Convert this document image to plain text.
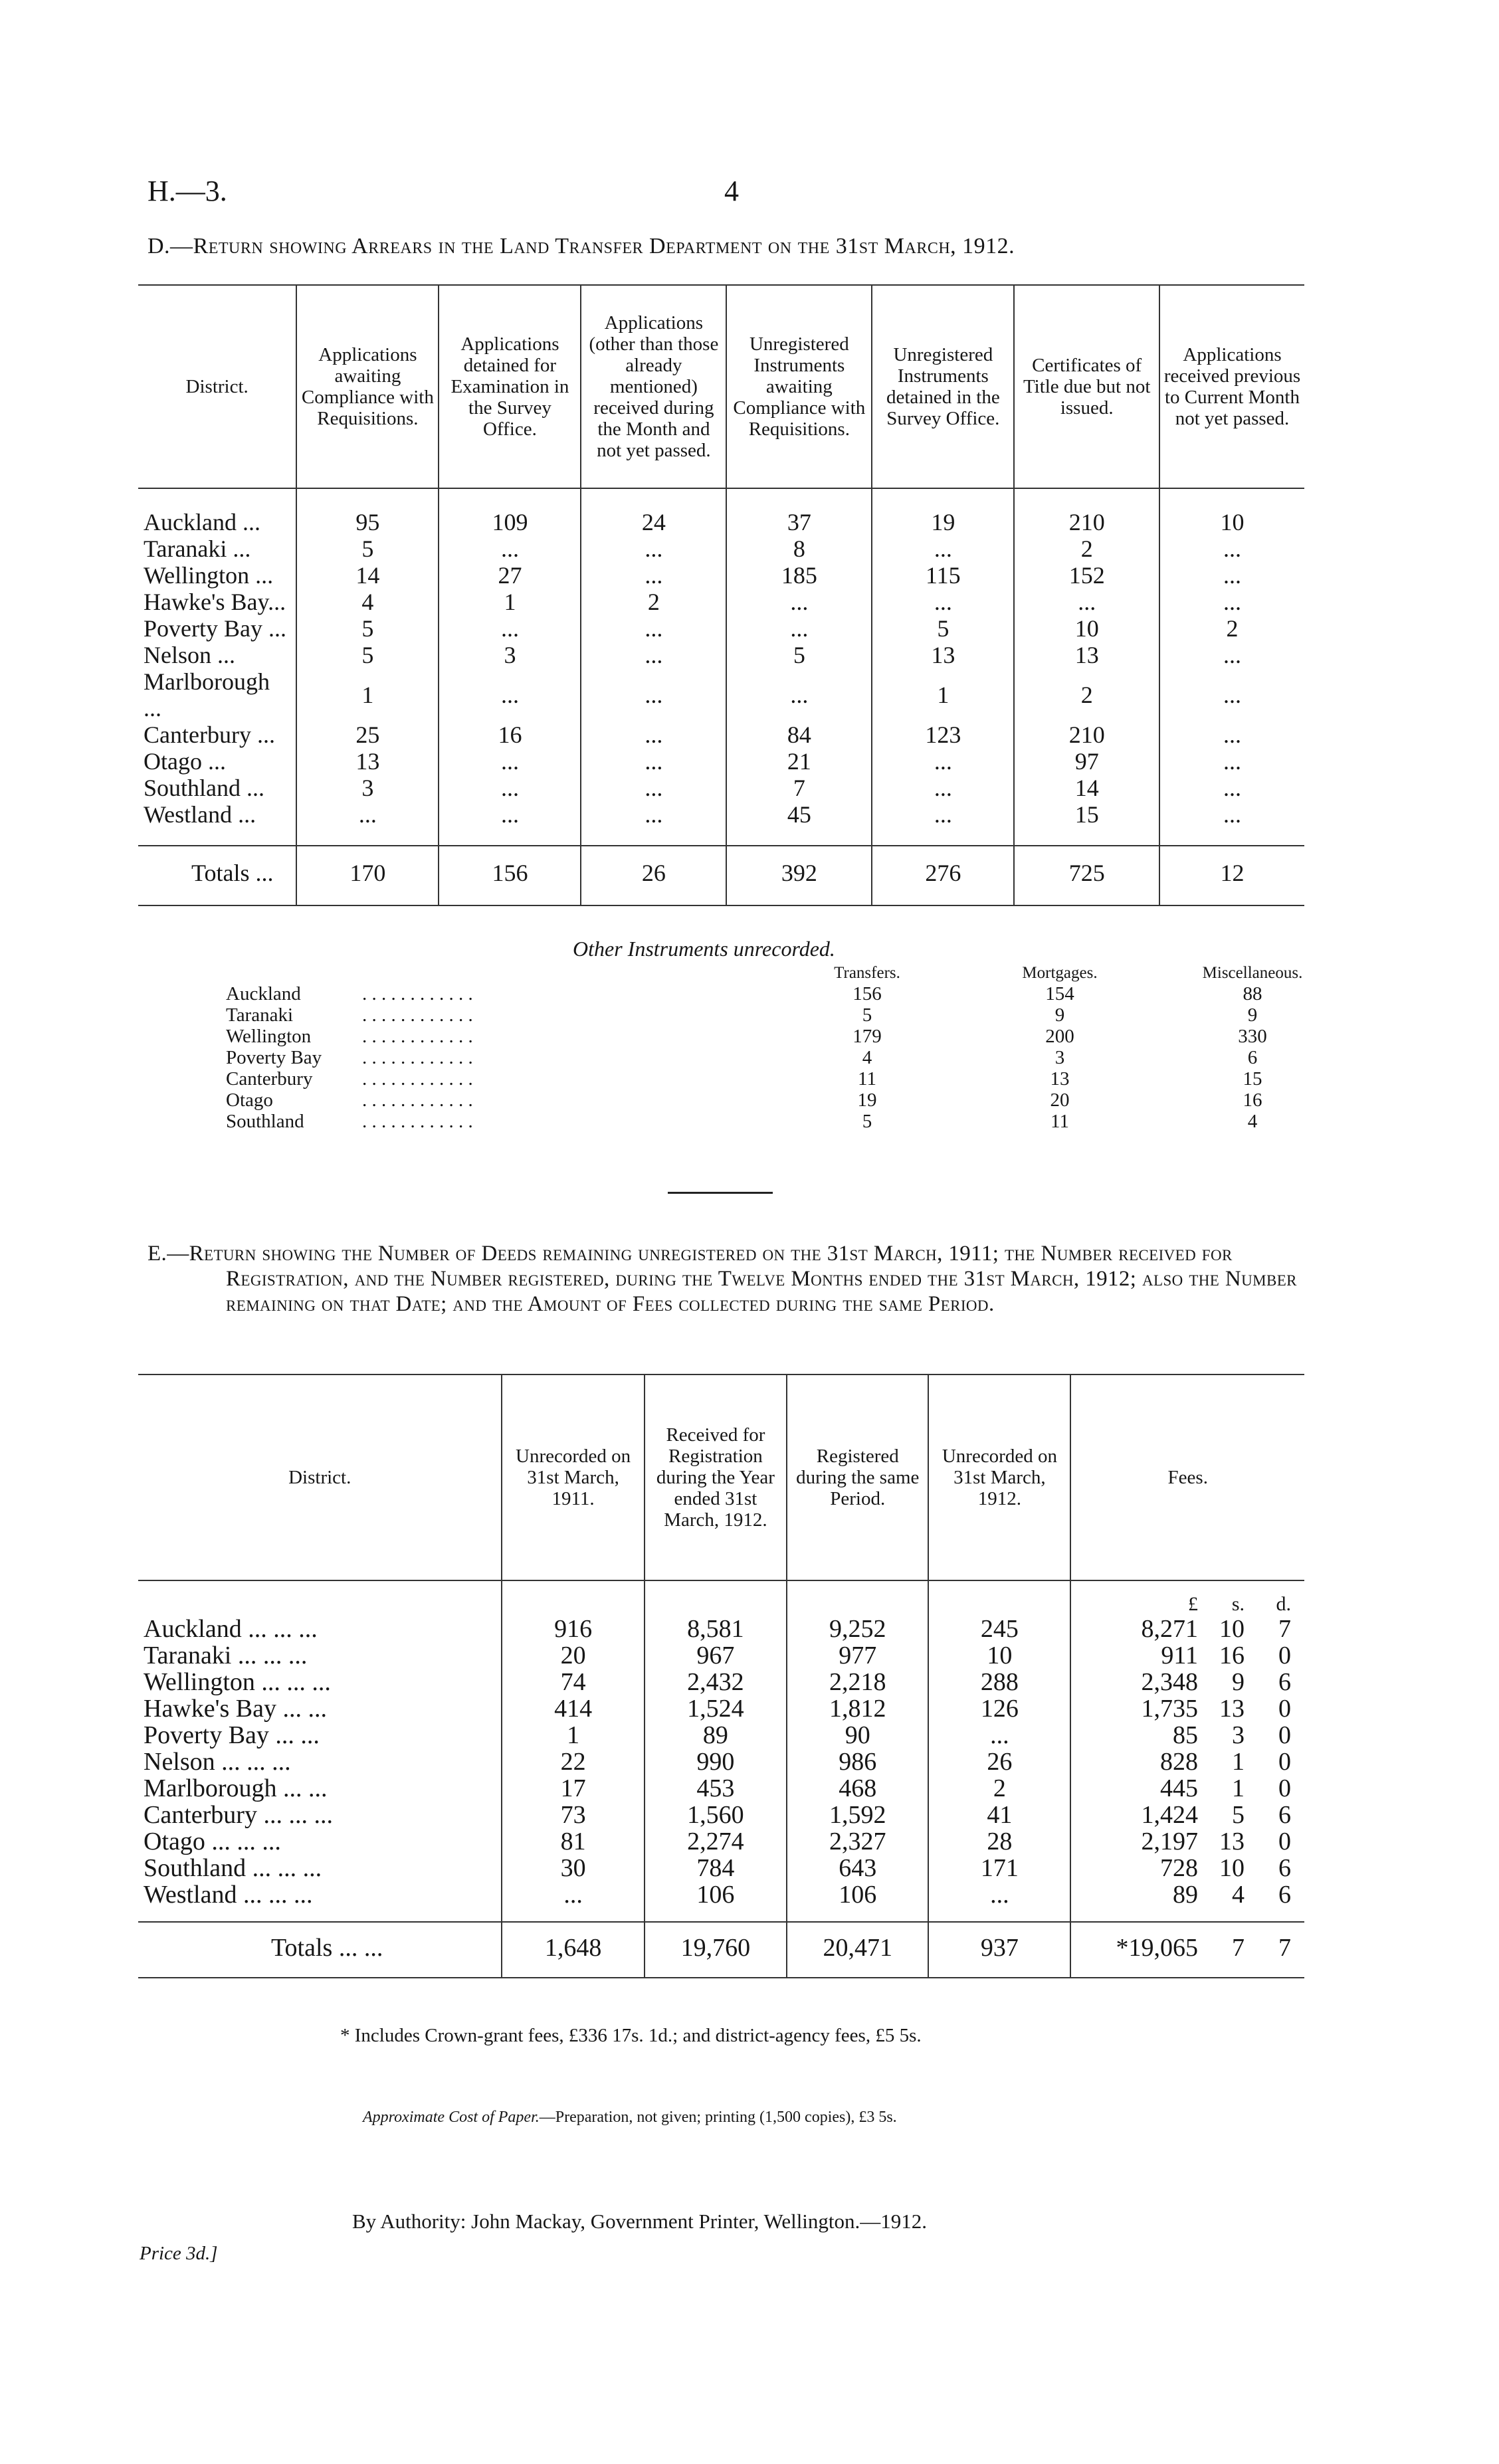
H.—3.	4
D.—Return showing Arrears in the Land Transfer Department on the 31st March, 1912.
District.	Applications awaiting Compliance with Requisitions.	Applications detained for Examination in the Survey Office.	Applications (other than those already mentioned) received during the Month and not yet passed.	Unregistered Instruments awaiting Compliance with Requisitions.	Unregistered Instruments detained in the Survey Office.	Certificates of Title due but not issued.	Applications received previous to Current Month not yet passed.
Auckland ...	95	109	24	37	19	210	10
Taranaki ...	5	...	...	8	...	2	...
Wellington ...	14	27	...	185	115	152	...
Hawke's Bay...	4	1	2	...	...	...	...
Poverty Bay ...	5	...	...	...	5	10	2
Nelson ...	5	3	...	5	13	13	...
Marlborough ...	1	...	...	...	1	2	...
Canterbury ...	25	16	...	84	123	210	...
Otago ...	13	...	...	21	...	97	...
Southland ...	3	...	...	7	...	14	...
Westland ...	...	...	...	45	...	15	...
Totals ...	170	156	26	392	276	725	12
Other Instruments unrecorded.
	Transfers.	Mortgages.	Miscellaneous.
Auckland . . . . . . . . . . . .	156	154	88
Taranaki . . . . . . . . . . . .	5	9	9
Wellington . . . . . . . . . . . .	179	200	330
Poverty Bay . . . . . . . . . . . .	4	3	6
Canterbury . . . . . . . . . . . .	11	13	15
Otago . . . . . . . . . . . .	19	20	16
Southland . . . . . . . . . . . .	5	11	4
E.—Return showing the Number of Deeds remaining unregistered on the 31st March, 1911; the Number received for Registration, and the Number registered, during the Twelve Months ended the 31st March, 1912; also the Number remaining on that Date; and the Amount of Fees collected during the same Period.
District.	Unrecorded on 31st March, 1911.	Received for Registration during the Year ended 31st March, 1912.	Registered during the same Period.	Unrecorded on 31st March, 1912.	Fees.
					£ s. d.
Auckland ... ... ...	916	8,581	9,252	245	8,271 10 7
Taranaki ... ... ...	20	967	977	10	911 16 0
Wellington ... ... ...	74	2,432	2,218	288	2,348 9 6
Hawke's Bay ... ...	414	1,524	1,812	126	1,735 13 0
Poverty Bay ... ...	1	89	90	...	85 3 0
Nelson ... ... ...	22	990	986	26	828 1 0
Marlborough ... ...	17	453	468	2	445 1 0
Canterbury ... ... ...	73	1,560	1,592	41	1,424 5 6
Otago ... ... ...	81	2,274	2,327	28	2,197 13 0
Southland ... ... ...	30	784	643	171	728 10 6
Westland ... ... ...	...	106	106	...	89 4 6
Totals ... ...	1,648	19,760	20,471	937	*19,065 7 7
* Includes Crown-grant fees, £336 17s. 1d.; and district-agency fees, £5 5s.
Approximate Cost of Paper.—Preparation, not given; printing (1,500 copies), £3 5s.
By Authority: John Mackay, Government Printer, Wellington.—1912.
Price 3d.]
